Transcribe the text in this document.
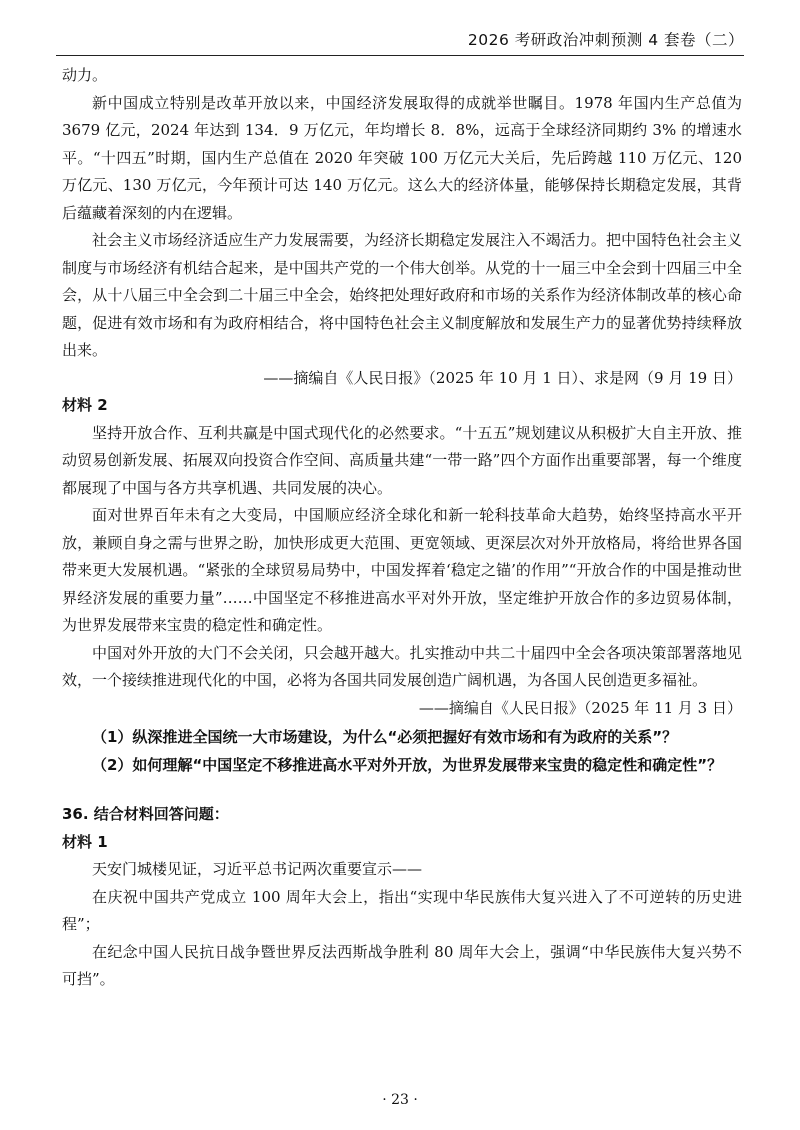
2026 考研政治冲刺预测 4 套卷（二）

动力。

新中国成立特别是改革开放以来，中国经济发展取得的成就举世瞩目。1978 年国内生产总值为 3679 亿元，2024 年达到 134．9 万亿元，年均增长 8．8%，远高于全球经济同期约 3% 的增速水平。“十四五”时期，国内生产总值在 2020 年突破 100 万亿元大关后，先后跨越 110 万亿元、120 万亿元、130 万亿元，今年预计可达 140 万亿元。这么大的经济体量，能够保持长期稳定发展，其背后蕴藏着深刻的内在逻辑。

社会主义市场经济适应生产力发展需要，为经济长期稳定发展注入不竭活力。把中国特色社会主义制度与市场经济有机结合起来，是中国共产党的一个伟大创举。从党的十一届三中全会到十四届三中全会，从十八届三中全会到二十届三中全会，始终把处理好政府和市场的关系作为经济体制改革的核心命题，促进有效市场和有为政府相结合，将中国特色社会主义制度解放和发展生产力的显著优势持续释放出来。

——摘编自《人民日报》（2025 年 10 月 1 日）、求是网（9 月 19 日）

材料 2

坚持开放合作、互利共赢是中国式现代化的必然要求。“十五五”规划建议从积极扩大自主开放、推动贸易创新发展、拓展双向投资合作空间、高质量共建“一带一路”四个方面作出重要部署，每一个维度都展现了中国与各方共享机遇、共同发展的决心。

面对世界百年未有之大变局，中国顺应经济全球化和新一轮科技革命大趋势，始终坚持高水平开放，兼顾自身之需与世界之盼，加快形成更大范围、更宽领域、更深层次对外开放格局，将给世界各国带来更大发展机遇。“紧张的全球贸易局势中，中国发挥着‘稳定之锚’的作用”“开放合作的中国是推动世界经济发展的重要力量”……中国坚定不移推进高水平对外开放，坚定维护开放合作的多边贸易体制，为世界发展带来宝贵的稳定性和确定性。

中国对外开放的大门不会关闭，只会越开越大。扎实推动中共二十届四中全会各项决策部署落地见效，一个接续推进现代化的中国，必将为各国共同发展创造广阔机遇，为各国人民创造更多福祉。

——摘编自《人民日报》（2025 年 11 月 3 日）

（1）纵深推进全国统一大市场建设，为什么“必须把握好有效市场和有为政府的关系”？

（2）如何理解“中国坚定不移推进高水平对外开放，为世界发展带来宝贵的稳定性和确定性”？

36. 结合材料回答问题：

材料 1

天安门城楼见证，习近平总书记两次重要宣示——

在庆祝中国共产党成立 100 周年大会上，指出“实现中华民族伟大复兴进入了不可逆转的历史进程”；

在纪念中国人民抗日战争暨世界反法西斯战争胜利 80 周年大会上，强调“中华民族伟大复兴势不可挡”。

· 23 ·
